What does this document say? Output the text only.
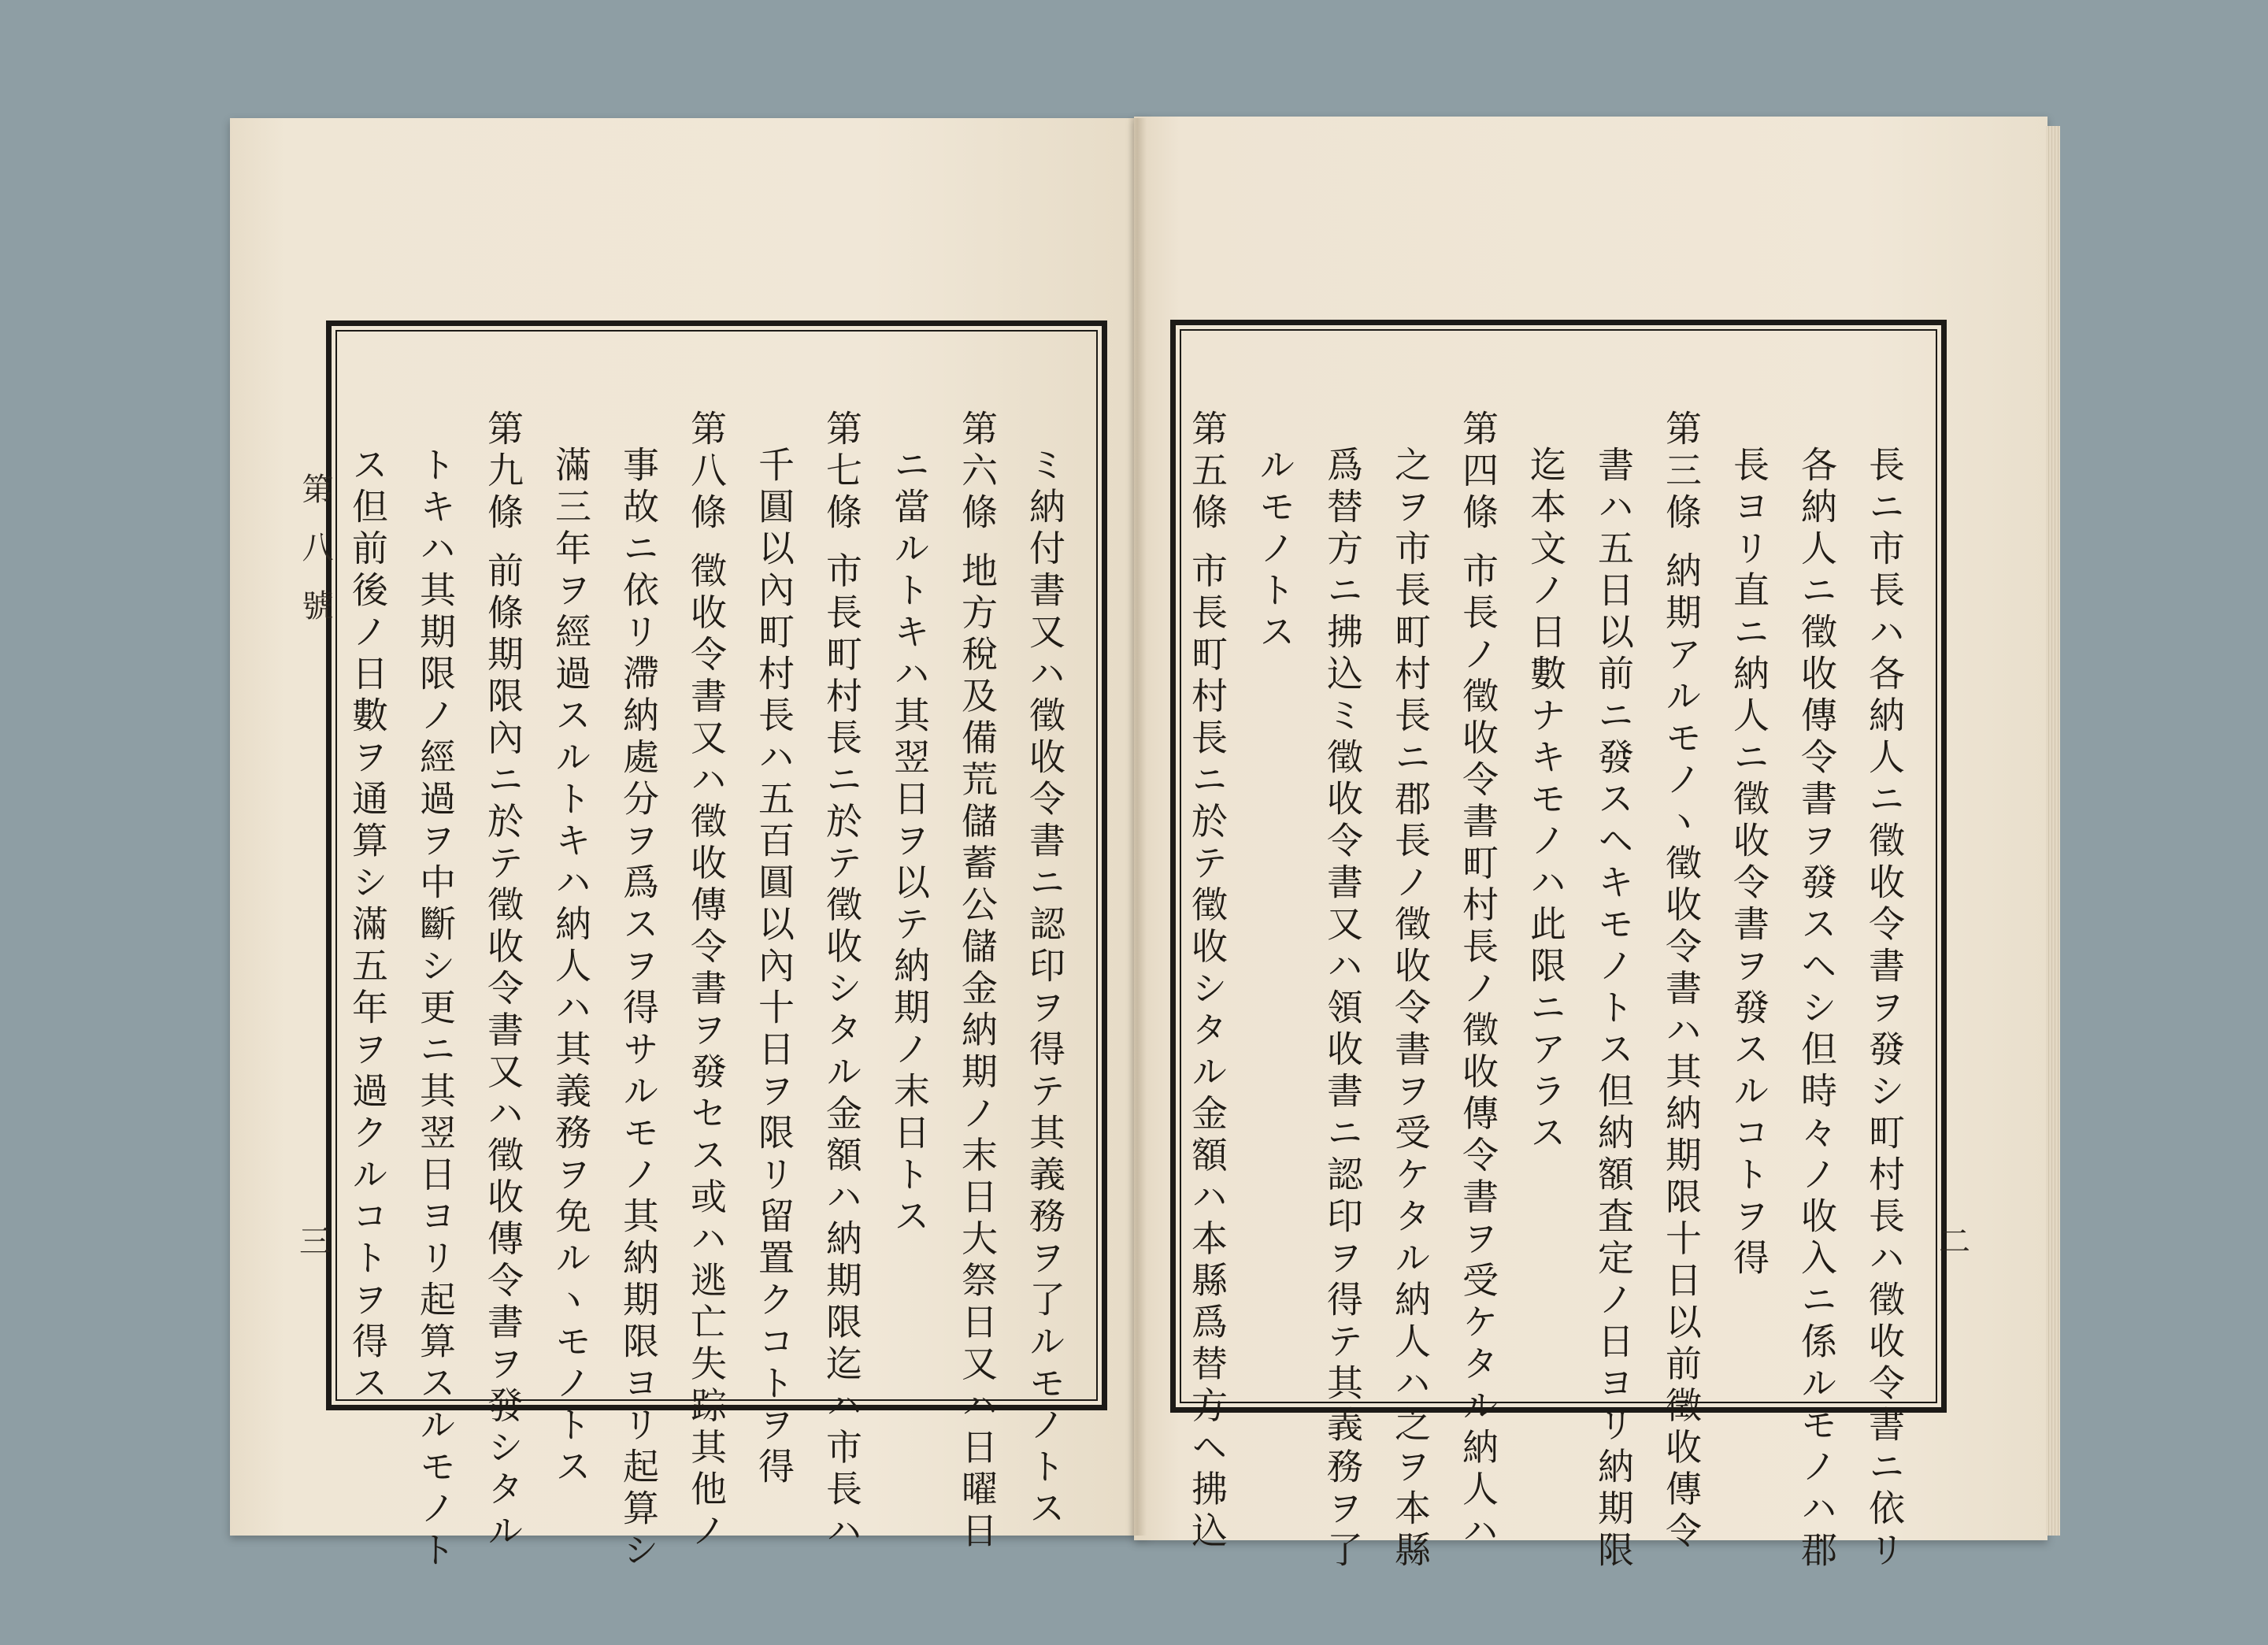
第八號
三	二

ミ納付書又ハ徵收令書ニ認印ヲ得テ其義務ヲ了ルモノトス

第六條 地方稅及備荒儲蓄公儲金納期ノ末日大祭日又ハ日曜日

ニ當ルトキハ其翌日ヲ以テ納期ノ末日トス

第七條 市長町村長ニ於テ徵收シタル金額ハ納期限迄ハ市長ハ

千圓以內町村長ハ五百圓以內十日ヲ限リ留置クコトヲ得

第八條 徵收令書又ハ徵收傳令書ヲ發セス或ハ逃亡失踪其他ノ

事故ニ依リ滯納處分ヲ爲スヲ得サルモノ其納期限ヨリ起算シ

滿三年ヲ經過スルトキハ納人ハ其義務ヲ免ルヽモノトス

第九條 前條期限內ニ於テ徵收令書又ハ徵收傳令書ヲ發シタル

トキハ其期限ノ經過ヲ中斷シ更ニ其翌日ヨリ起算スルモノト

ス但前後ノ日數ヲ通算シ滿五年ヲ過クルコトヲ得ス	長ニ市長ハ各納人ニ徵收令書ヲ發シ町村長ハ徵收令書ニ依リ

各納人ニ徵收傳令書ヲ發スヘシ但時々ノ收入ニ係ルモノハ郡

長ヨリ直ニ納人ニ徵收令書ヲ發スルコトヲ得

第三條 納期アルモノヽ徵收令書ハ其納期限十日以前徵收傳令

書ハ五日以前ニ發スヘキモノトス但納額査定ノ日ヨリ納期限

迄本文ノ日數ナキモノハ此限ニアラス

第四條 市長ノ徵收令書町村長ノ徵收傳令書ヲ受ケタル納人ハ

之ヲ市長町村長ニ郡長ノ徵收令書ヲ受ケタル納人ハ之ヲ本縣

爲替方ニ拂込ミ徵收令書又ハ領收書ニ認印ヲ得テ其義務ヲ了

ルモノトス

第五條 市長町村長ニ於テ徵收シタル金額ハ本縣爲替方ヘ拂込
